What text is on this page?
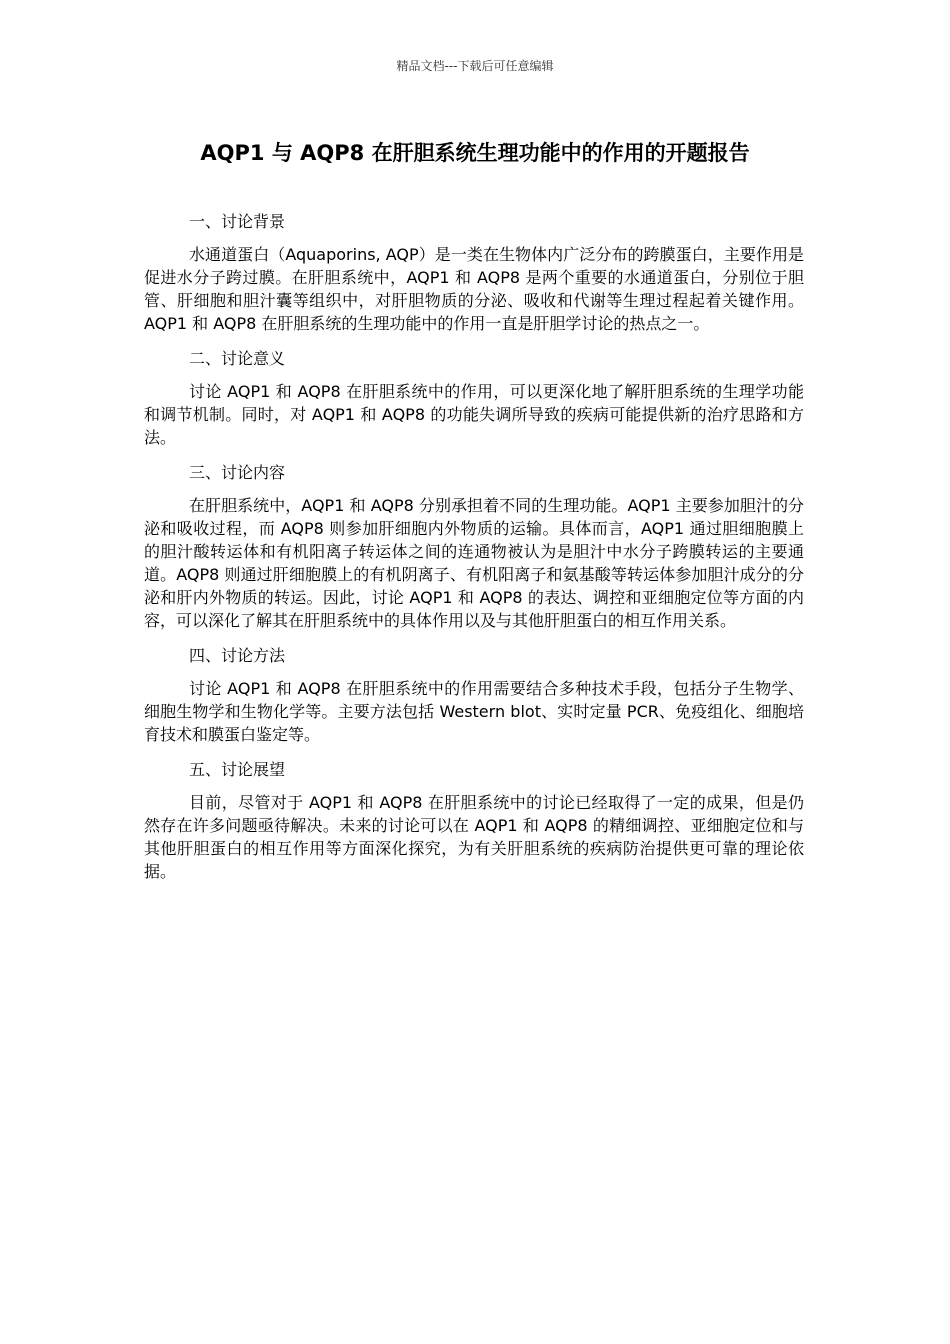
精品文档---下载后可任意编辑
AQP1 与 AQP8 在肝胆系统生理功能中的作用的开题报告
一、讨论背景

水通道蛋白（Aquaporins, AQP）是一类在生物体内广泛分布的跨膜蛋白，主要作用是促进水分子跨过膜。在肝胆系统中，AQP1 和 AQP8 是两个重要的水通道蛋白，分别位于胆管、肝细胞和胆汁囊等组织中，对肝胆物质的分泌、吸收和代谢等生理过程起着关键作用。AQP1 和 AQP8 在肝胆系统的生理功能中的作用一直是肝胆学讨论的热点之一。

二、讨论意义

讨论 AQP1 和 AQP8 在肝胆系统中的作用，可以更深化地了解肝胆系统的生理学功能和调节机制。同时，对 AQP1 和 AQP8 的功能失调所导致的疾病可能提供新的治疗思路和方法。

三、讨论内容

在肝胆系统中，AQP1 和 AQP8 分别承担着不同的生理功能。AQP1 主要参加胆汁的分泌和吸收过程，而 AQP8 则参加肝细胞内外物质的运输。具体而言，AQP1 通过胆细胞膜上的胆汁酸转运体和有机阳离子转运体之间的连通物被认为是胆汁中水分子跨膜转运的主要通道。AQP8 则通过肝细胞膜上的有机阴离子、有机阳离子和氨基酸等转运体参加胆汁成分的分泌和肝内外物质的转运。因此，讨论 AQP1 和 AQP8 的表达、调控和亚细胞定位等方面的内容，可以深化了解其在肝胆系统中的具体作用以及与其他肝胆蛋白的相互作用关系。

四、讨论方法

讨论 AQP1 和 AQP8 在肝胆系统中的作用需要结合多种技术手段，包括分子生物学、细胞生物学和生物化学等。主要方法包括 Western blot、实时定量 PCR、免疫组化、细胞培育技术和膜蛋白鉴定等。

五、讨论展望

目前，尽管对于 AQP1 和 AQP8 在肝胆系统中的讨论已经取得了一定的成果，但是仍然存在许多问题亟待解决。未来的讨论可以在 AQP1 和 AQP8 的精细调控、亚细胞定位和与其他肝胆蛋白的相互作用等方面深化探究，为有关肝胆系统的疾病防治提供更可靠的理论依据。
